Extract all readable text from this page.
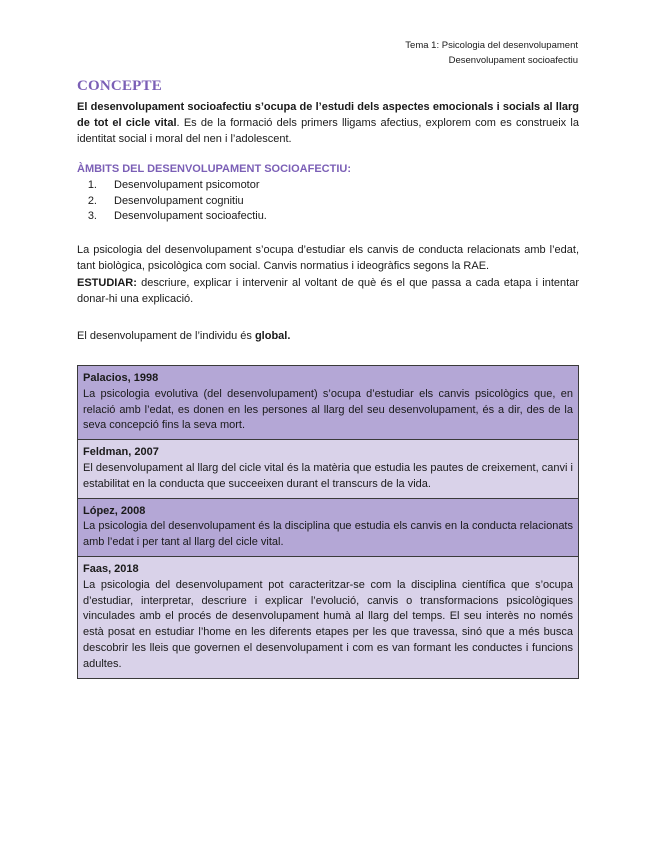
Tema 1: Psicologia del desenvolupament
Desenvolupament socioafectiu
CONCEPTE

El desenvolupament socioafectiu s’ocupa de l’estudi dels aspectes emocionals i socials al llarg de tot el cicle vital. Es de la formació dels primers lligams afectius, explorem com es construeix la identitat social i moral del nen i l’adolescent.

ÀMBITS DEL DESENVOLUPAMENT SOCIOAFECTIU:
1. Desenvolupament psicomotor
2. Desenvolupament cognitiu
3. Desenvolupament socioafectiu.

La psicologia del desenvolupament s’ocupa d’estudiar els canvis de conducta relacionats amb l’edat, tant biològica, psicològica com social. Canvis normatius i ideogràfics segons la RAE.

ESTUDIAR: descriure, explicar i intervenir al voltant de què és el que passa a cada etapa i intentar donar-hi una explicació.

El desenvolupament de l’individu és global.

Palacios, 1998
La psicologia evolutiva (del desenvolupament) s’ocupa d’estudiar els canvis psicològics que, en relació amb l’edat, es donen en les persones al llarg del seu desenvolupament, és a dir, des de la seva concepció fins la seva mort.
Feldman, 2007
El desenvolupament al llarg del cicle vital és la matèria que estudia les pautes de creixement, canvi i estabilitat en la conducta que succeeixen durant el transcurs de la vida.
López, 2008
La psicologia del desenvolupament és la disciplina que estudia els canvis en la conducta relacionats amb l’edat i per tant al llarg del cicle vital.
Faas, 2018
La psicologia del desenvolupament pot caracteritzar-se com la disciplina científica que s’ocupa d’estudiar, interpretar, descriure i explicar l’evolució, canvis o transformacions psicològiques vinculades amb el procés de desenvolupament humà al llarg del temps. El seu interès no només està posat en estudiar l’home en les diferents etapes per les que travessa, sinó que a més busca descobrir les lleis que governen el desenvolupament i com es van formant les conductes i funcions adultes.
